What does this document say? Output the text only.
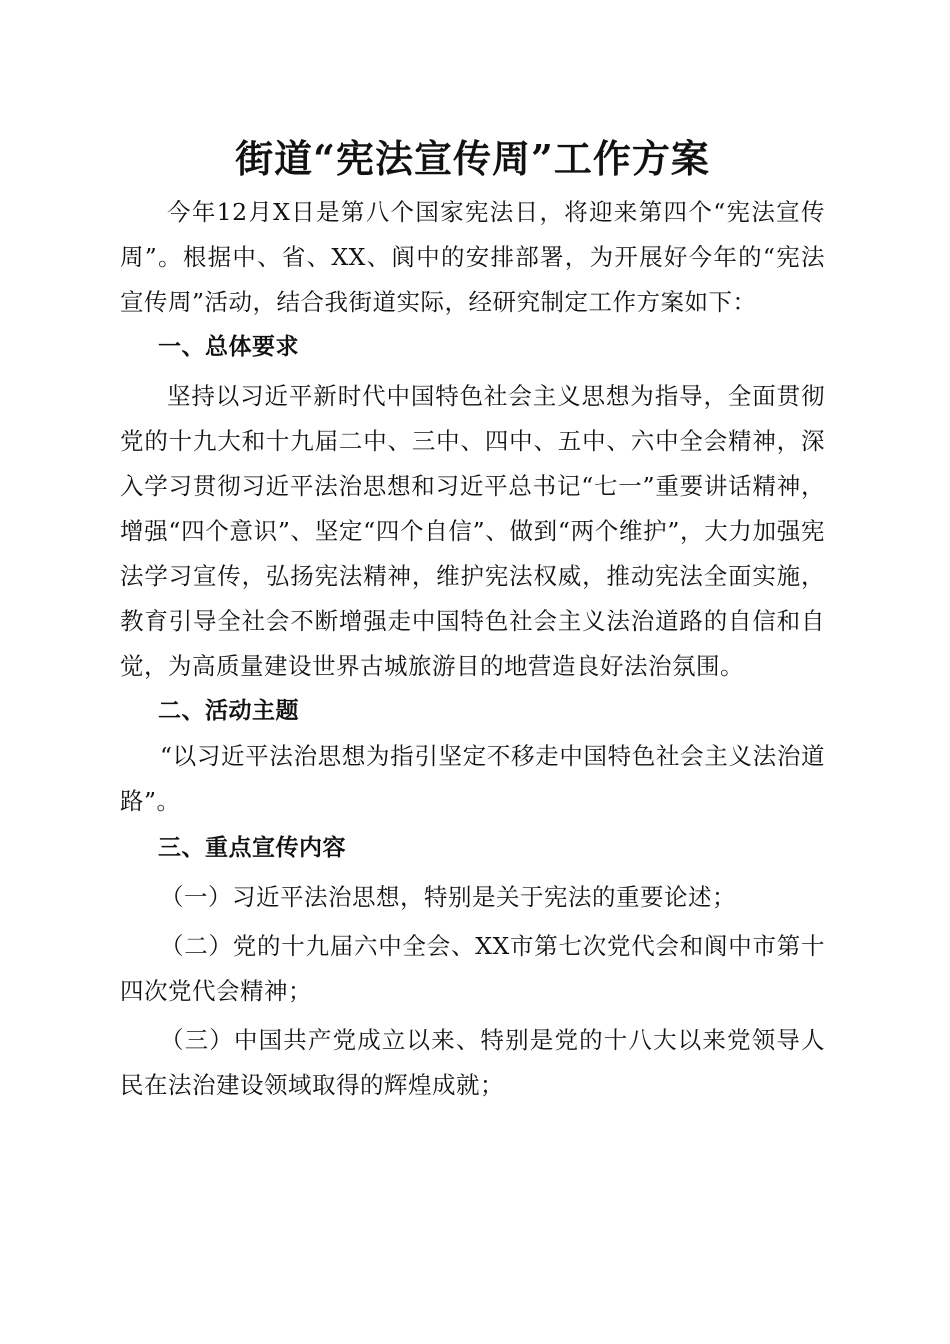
街道“宪法宣传周”工作方案

今年12月X日是第八个国家宪法日，将迎来第四个“宪法宣传周”。根据中、省、XX、阆中的安排部署，为开展好今年的“宪法宣传周”活动，结合我街道实际，经研究制定工作方案如下：

一、总体要求

坚持以习近平新时代中国特色社会主义思想为指导，全面贯彻党的十九大和十九届二中、三中、四中、五中、六中全会精神，深入学习贯彻习近平法治思想和习近平总书记“七一”重要讲话精神，增强“四个意识”、坚定“四个自信”、做到“两个维护”，大力加强宪法学习宣传，弘扬宪法精神，维护宪法权威，推动宪法全面实施，教育引导全社会不断增强走中国特色社会主义法治道路的自信和自觉，为高质量建设世界古城旅游目的地营造良好法治氛围。

二、活动主题

“以习近平法治思想为指引坚定不移走中国特色社会主义法治道路”。

三、重点宣传内容

（一）习近平法治思想，特别是关于宪法的重要论述；

（二）党的十九届六中全会、XX市第七次党代会和阆中市第十四次党代会精神；

（三）中国共产党成立以来、特别是党的十八大以来党领导人民在法治建设领域取得的辉煌成就；
